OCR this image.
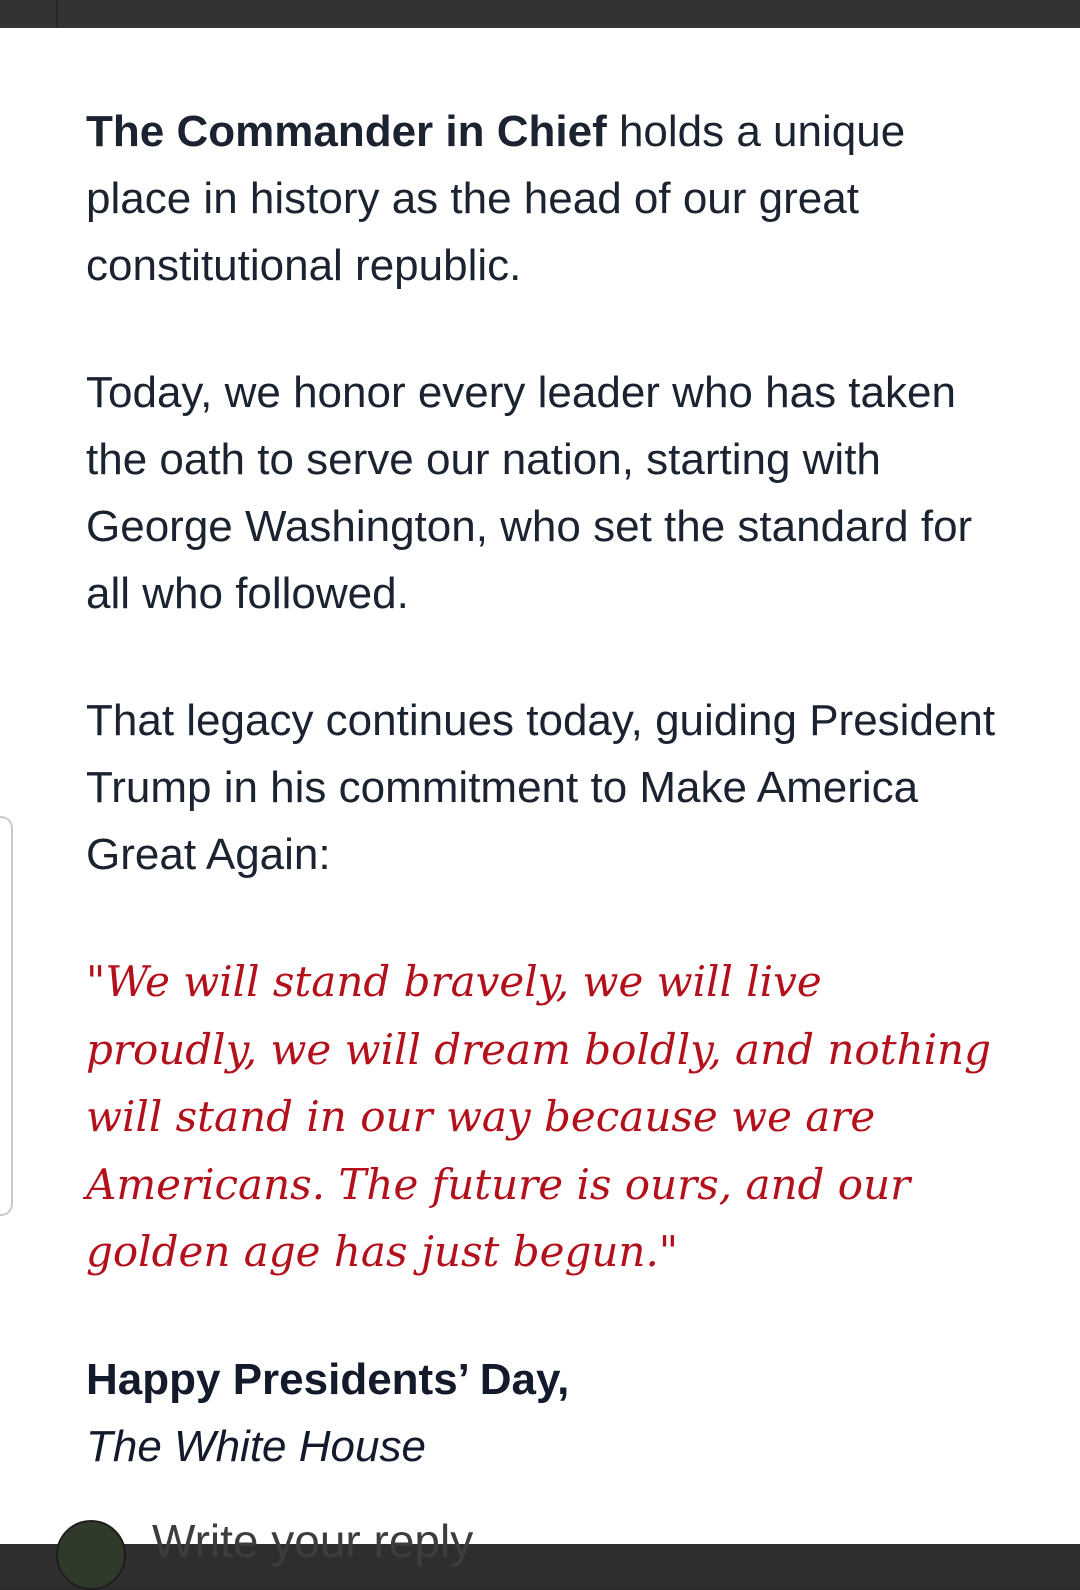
The Commander in Chief holds a unique place in history as the head of our great constitutional republic.

Today, we honor every leader who has taken the oath to serve our nation, starting with George Washington, who set the standard for all who followed.

That legacy continues today, guiding President Trump in his commitment to Make America Great Again:

"We will stand bravely, we will live proudly, we will dream boldly, and nothing will stand in our way because we are Americans. The future is ours, and our golden age has just begun."

Happy Presidents’ Day,

The White House

Write your reply
